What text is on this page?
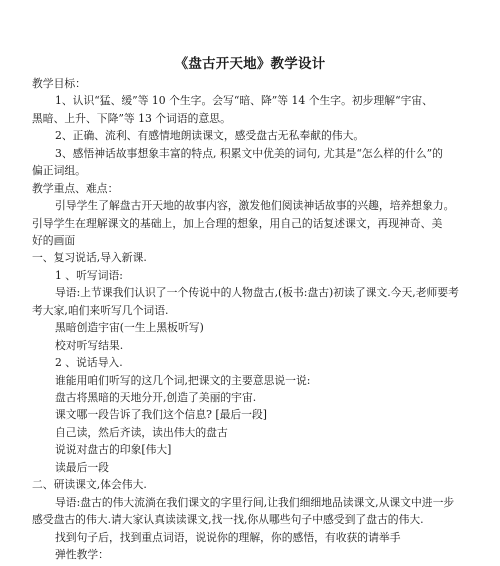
《盘古开天地》教学设计
教学目标：
1、认识“猛、缓”等 10 个生字。会写“暗、降”等 14 个生字。初步理解“宇宙、
黑暗、上升、下降”等 13 个词语的意思。
2、正确、流利、有感情地朗读课文，感受盘古无私奉献的伟大。
3、感悟神话故事想象丰富的特点, 积累文中优美的词句, 尤其是“怎么样的什么”的
偏正词组。
教学重点、难点：
引导学生了解盘古开天地的故事内容，激发他们阅读神话故事的兴趣，培养想象力。
引导学生在理解课文的基础上，加上合理的想象，用自己的话复述课文，再现神奇、美
好的画面
一、复习说话,导入新课.
1 、听写词语:
导语:上节课我们认识了一个传说中的人物盘古,(板书:盘古)初读了课文.今天,老师要考
考大家,咱们来听写几个词语.
黑暗创造宇宙(一生上黑板听写)
校对听写结果.
2 、说话导入.
谁能用咱们听写的这几个词,把课文的主要意思说一说:
盘古将黑暗的天地分开,创造了美丽的宇宙.
课文哪一段告诉了我们这个信息? [最后一段]
自己读，然后齐读，读出伟大的盘古
说说对盘古的印象[伟大]
读最后一段
二、研读课文,体会伟大.
导语:盘古的伟大流淌在我们课文的字里行间,让我们细细地品读课文,从课文中进一步
感受盘古的伟大.请大家认真读读课文,找一找,你从哪些句子中感受到了盘古的伟大.
找到句子后，找到重点词语，说说你的理解，你的感悟，有收获的请举手
弹性教学：
